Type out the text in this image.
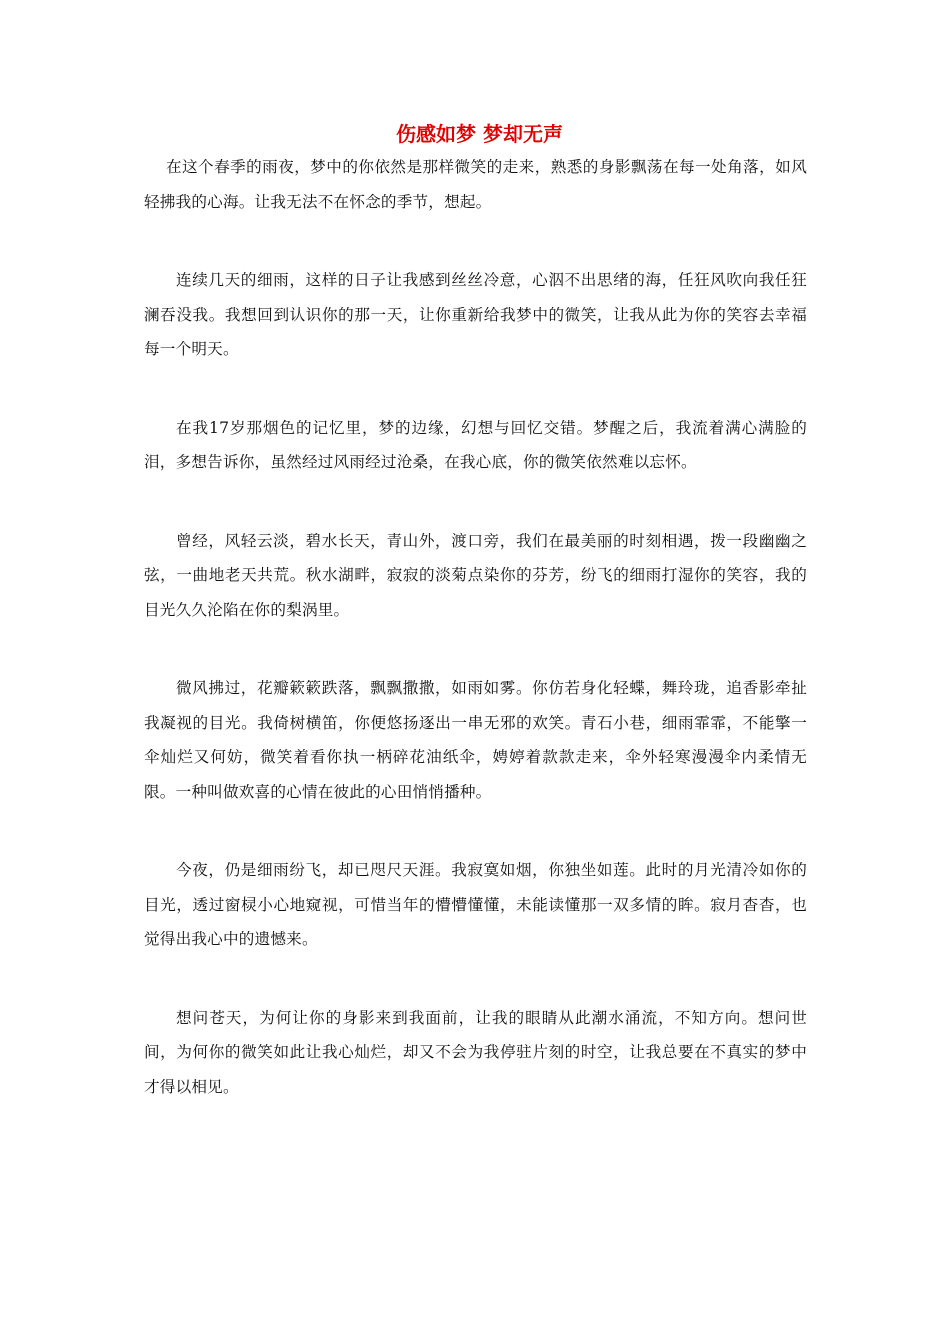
伤感如梦 梦却无声

在这个春季的雨夜，梦中的你依然是那样微笑的走来，熟悉的身影飘荡在每一处角落，如风轻拂我的心海。让我无法不在怀念的季节，想起。

连续几天的细雨，这样的日子让我感到丝丝冷意，心泅不出思绪的海，任狂风吹向我任狂澜吞没我。我想回到认识你的那一天，让你重新给我梦中的微笑，让我从此为你的笑容去幸福每一个明天。

在我17岁那烟色的记忆里，梦的边缘，幻想与回忆交错。梦醒之后，我流着满心满脸的泪，多想告诉你，虽然经过风雨经过沧桑，在我心底，你的微笑依然难以忘怀。

曾经，风轻云淡，碧水长天，青山外，渡口旁，我们在最美丽的时刻相遇，拨一段幽幽之弦，一曲地老天共荒。秋水湖畔，寂寂的淡菊点染你的芬芳，纷飞的细雨打湿你的笑容，我的目光久久沦陷在你的梨涡里。

微风拂过，花瓣簌簌跌落，飘飘撒撒，如雨如雾。你仿若身化轻蝶，舞玲珑，追香影牵扯我凝视的目光。我倚树横笛，你便悠扬逐出一串无邪的欢笑。青石小巷，细雨霏霏，不能擎一伞灿烂又何妨，微笑着看你执一柄碎花油纸伞，娉婷着款款走来，伞外轻寒漫漫伞内柔情无限。一种叫做欢喜的心情在彼此的心田悄悄播种。

今夜，仍是细雨纷飞，却已咫尺天涯。我寂寞如烟，你独坐如莲。此时的月光清冷如你的目光，透过窗棂小心地窥视，可惜当年的懵懵懂懂，未能读懂那一双多情的眸。寂月杳杳，也觉得出我心中的遗憾来。

想问苍天，为何让你的身影来到我面前，让我的眼睛从此潮水涌流，不知方向。想问世间，为何你的微笑如此让我心灿烂，却又不会为我停驻片刻的时空，让我总要在不真实的梦中才得以相见。
